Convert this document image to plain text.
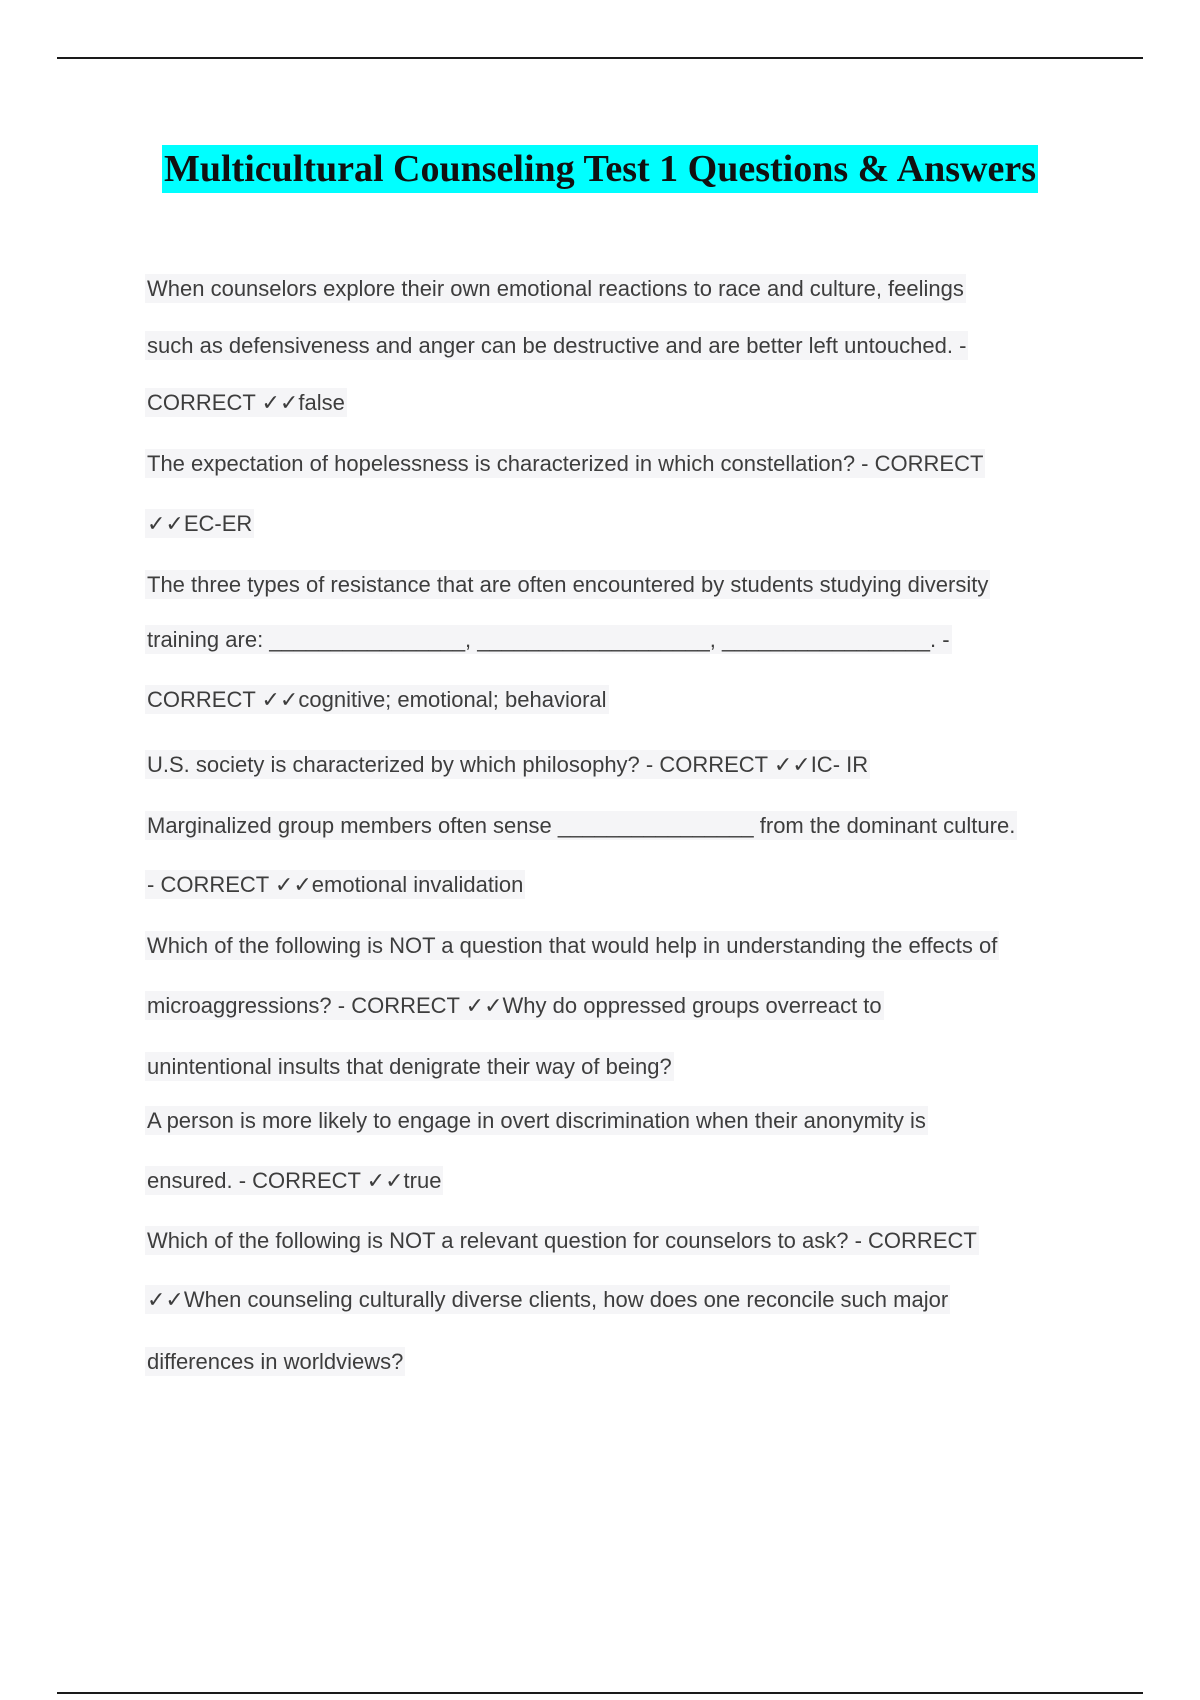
Multicultural Counseling Test 1 Questions & Answers
When counselors explore their own emotional reactions to race and culture, feelings
such as defensiveness and anger can be destructive and are better left untouched. -
CORRECT ✓✓false
The expectation of hopelessness is characterized in which constellation? - CORRECT
✓✓EC-ER
The three types of resistance that are often encountered by students studying diversity
training are: ________________, ___________________, _________________. -
CORRECT ✓✓cognitive; emotional; behavioral
U.S. society is characterized by which philosophy? - CORRECT ✓✓IC- IR
Marginalized group members often sense ________________ from the dominant culture.
- CORRECT ✓✓emotional invalidation
Which of the following is NOT a question that would help in understanding the effects of
microaggressions? - CORRECT ✓✓Why do oppressed groups overreact to
unintentional insults that denigrate their way of being?
A person is more likely to engage in overt discrimination when their anonymity is
ensured. - CORRECT ✓✓true
Which of the following is NOT a relevant question for counselors to ask? - CORRECT
✓✓When counseling culturally diverse clients, how does one reconcile such major
differences in worldviews?
